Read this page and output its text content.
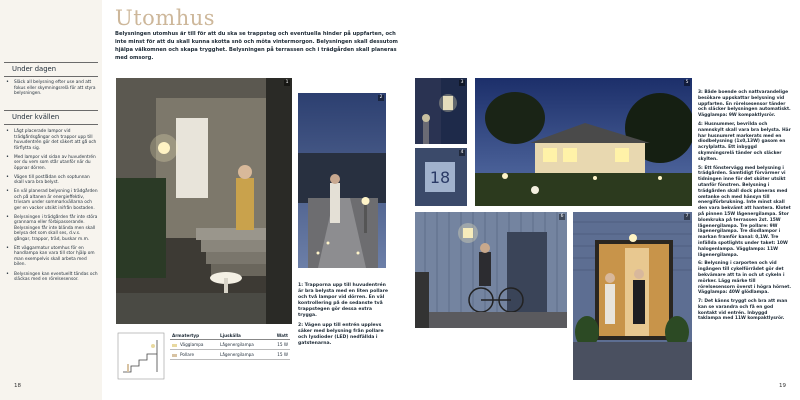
Under dagen
• Släck all belysning efter use and att fokus eller skymningsrelä för att styra belysningen.
Under kvällen
• Lågt placerade lampor vid trädgårdsgångar och trappor upp till huvudentrén gör det säkert att gå och förflytta sig.
• Med lampor vid sidan av huvudentrén ser du vem som står utanför när du öppnar dörren.
• Vägen till postlådan och soptunnan skall vara bra belyst.
• En väl planerad belysning i trädgården och på altanen är energieffektiv, trivsam under sommarkvällarna och ger en vacker utsikt inifrån bostaden.
• Belysningen i trädgården får inte störa grannarna eller förbipasserande. Belysningen får inte blända men skall belysa det som skall ses, d.v.s. gångar, trappor, träd, buskar m.m.
• Ett väggarmatur utomhus för en handlampa kan vara till stor hjälp om man exempelvis skall arbeta med bilen.
• Belysningen kan eventuellt tändas och släckas med en rörelsesensor.
Utomhus
Belysningen utomhus är till för att du ska se trappsteg och eventuella hinder på uppfarten, och inte minst för att du skall kunna skotta snö och môta vintermorgon. Belysningen skall dessutom hjälpa välkomnen och skapa trygghet. Belysningen på terrassen och i trädgården skall planeras med omsorg.
1
2

1: Trapporna upp till huvudentrén är bra belysta med en liten pollare och två lampor vid dörren. En väl kontrollering på de sedanste två trappstegen gör dessa extra trygga.

2: Vägen upp till entrén upplevs säker med belysning från pollare och lysdioder (LED) nedfällda i gatstenarna.

Armatertyp	Ljuskälla	Watt
Vägglampa	Lågenergilampa	15 W
Pollare	Lågenergilampa	15 W
18
3
18
4
5
6	7

3: Både boende och nattvarandelige besökare uppskattar belysning vid uppfarten. En rörelsesensor tänder och släcker belysningen automatiskt. Vägglampa: 9W kompaktlysrör.

4: Husnummer, bevrilda och namnskylt skall vara bra belysta. Här har husnumret markerats med en diodbelysning (1x0,13W) gasom en acrylplatta. Ett inbyggd skymningsrelä tänder och släcker skylten.

5: Ett fönstervägg med belysning i trädgården. Samtidigt förvärmer vi tidningen inne för det sköter utsikt utanför fönstren. Belysning i trädgården skall dock planeras med omtanke och med hänsyn till energiförbrukning. Inte minst skall den vara bekvämt att hantera. Klotet på pinnen 15W lågenergilampa. Stor blomkruka på terrassen 2st. 15W lågenergilampa. Tre pollare: 9W lågenergilampa. Tre diodlampor i markan framför kanal: 0,1W. Tre infällda spotlights under taket: 10W halogenlampa. Vägglampa: 11W lågenergilampa.

6: Belysning i carporten och vid ingången till cykelförrådet gör det bekvämare att ta in och ut cykeln i mörker. Lägg märke till rörelsesensorn överst i högra hörnet. Vägglampa: 40W glödlampa.

7: Det känns tryggt och bra att man kan se varandra och få en god kontakt vid entrén. Inbyggd taklampa med 11W kompaktlysrör.

19
